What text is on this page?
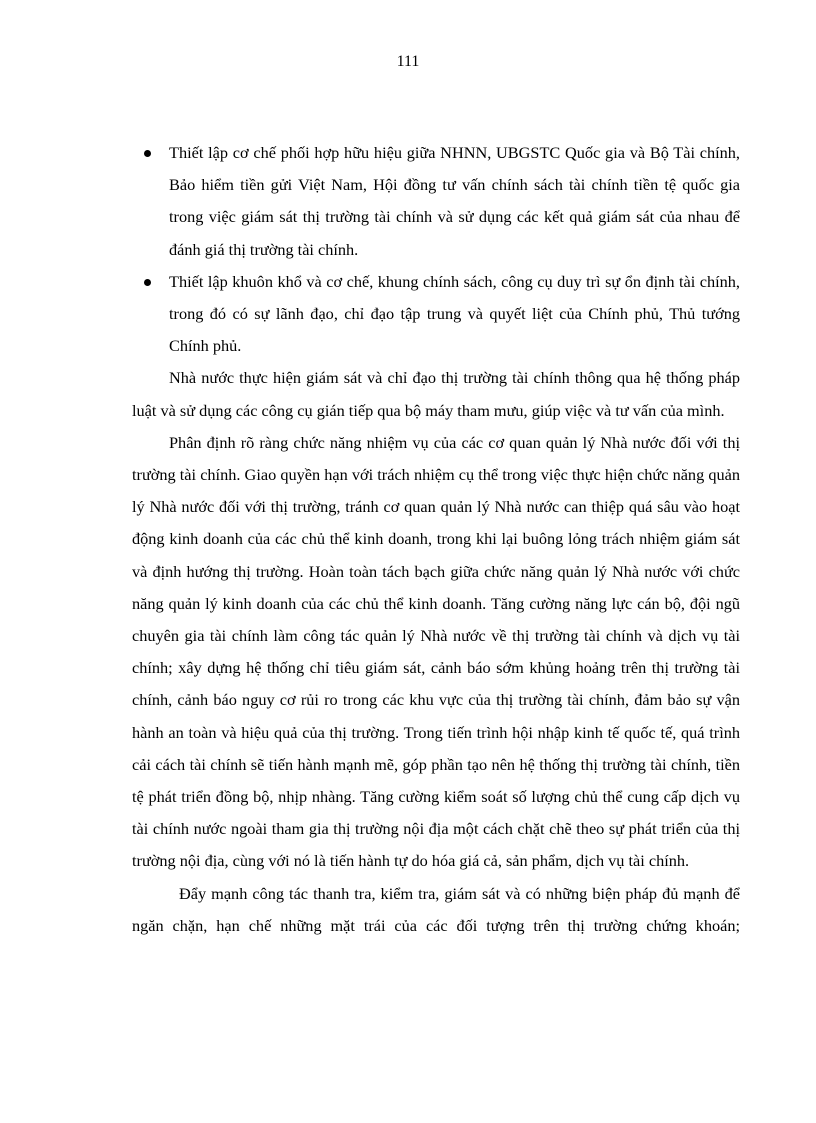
111
Thiết lập cơ chế phối hợp hữu hiệu giữa NHNN, UBGSTC Quốc gia và Bộ Tài chính, Bảo hiểm tiền gửi Việt Nam, Hội đồng tư vấn chính sách tài chính tiền tệ quốc gia trong việc giám sát thị trường tài chính và sử dụng các kết quả giám sát của nhau để đánh giá thị trường tài chính.
Thiết lập khuôn khổ và cơ chế, khung chính sách, công cụ duy trì sự ổn định tài chính, trong đó có sự lãnh đạo, chỉ đạo tập trung và quyết liệt của Chính phủ, Thủ tướng Chính phủ.

Nhà nước thực hiện giám sát và chỉ đạo thị trường tài chính thông qua hệ thống pháp luật và sử dụng các công cụ gián tiếp qua bộ máy tham mưu, giúp việc và tư vấn của mình.

Phân định rõ ràng chức năng nhiệm vụ của các cơ quan quản lý Nhà nước đối với thị trường tài chính. Giao quyền hạn với trách nhiệm cụ thể trong việc thực hiện chức năng quản lý Nhà nước đối với thị trường, tránh cơ quan quản lý Nhà nước can thiệp quá sâu vào hoạt động kinh doanh của các chủ thể kinh doanh, trong khi lại buông lỏng trách nhiệm giám sát và định hướng thị trường. Hoàn toàn tách bạch giữa chức năng quản lý Nhà nước với chức năng quản lý kinh doanh của các chủ thể kinh doanh. Tăng cường năng lực cán bộ, đội ngũ chuyên gia tài chính làm công tác quản lý Nhà nước về thị trường tài chính và dịch vụ tài chính; xây dựng hệ thống chỉ tiêu giám sát, cảnh báo sớm khủng hoảng trên thị trường tài chính, cảnh báo nguy cơ rủi ro trong các khu vực của thị trường tài chính, đảm bảo sự vận hành an toàn và hiệu quả của thị trường. Trong tiến trình hội nhập kinh tế quốc tế, quá trình cải cách tài chính sẽ tiến hành mạnh mẽ, góp phần tạo nên hệ thống thị trường tài chính, tiền tệ phát triển đồng bộ, nhịp nhàng. Tăng cường kiểm soát số lượng chủ thể cung cấp dịch vụ tài chính nước ngoài tham gia thị trường nội địa một cách chặt chẽ theo sự phát triển của thị trường nội địa, cùng với nó là tiến hành tự do hóa giá cả, sản phẩm, dịch vụ tài chính.

Đẩy mạnh công tác thanh tra, kiểm tra, giám sát và có những biện pháp đủ mạnh để ngăn chặn, hạn chế những mặt trái của các đối tượng trên thị trường chứng khoán;
